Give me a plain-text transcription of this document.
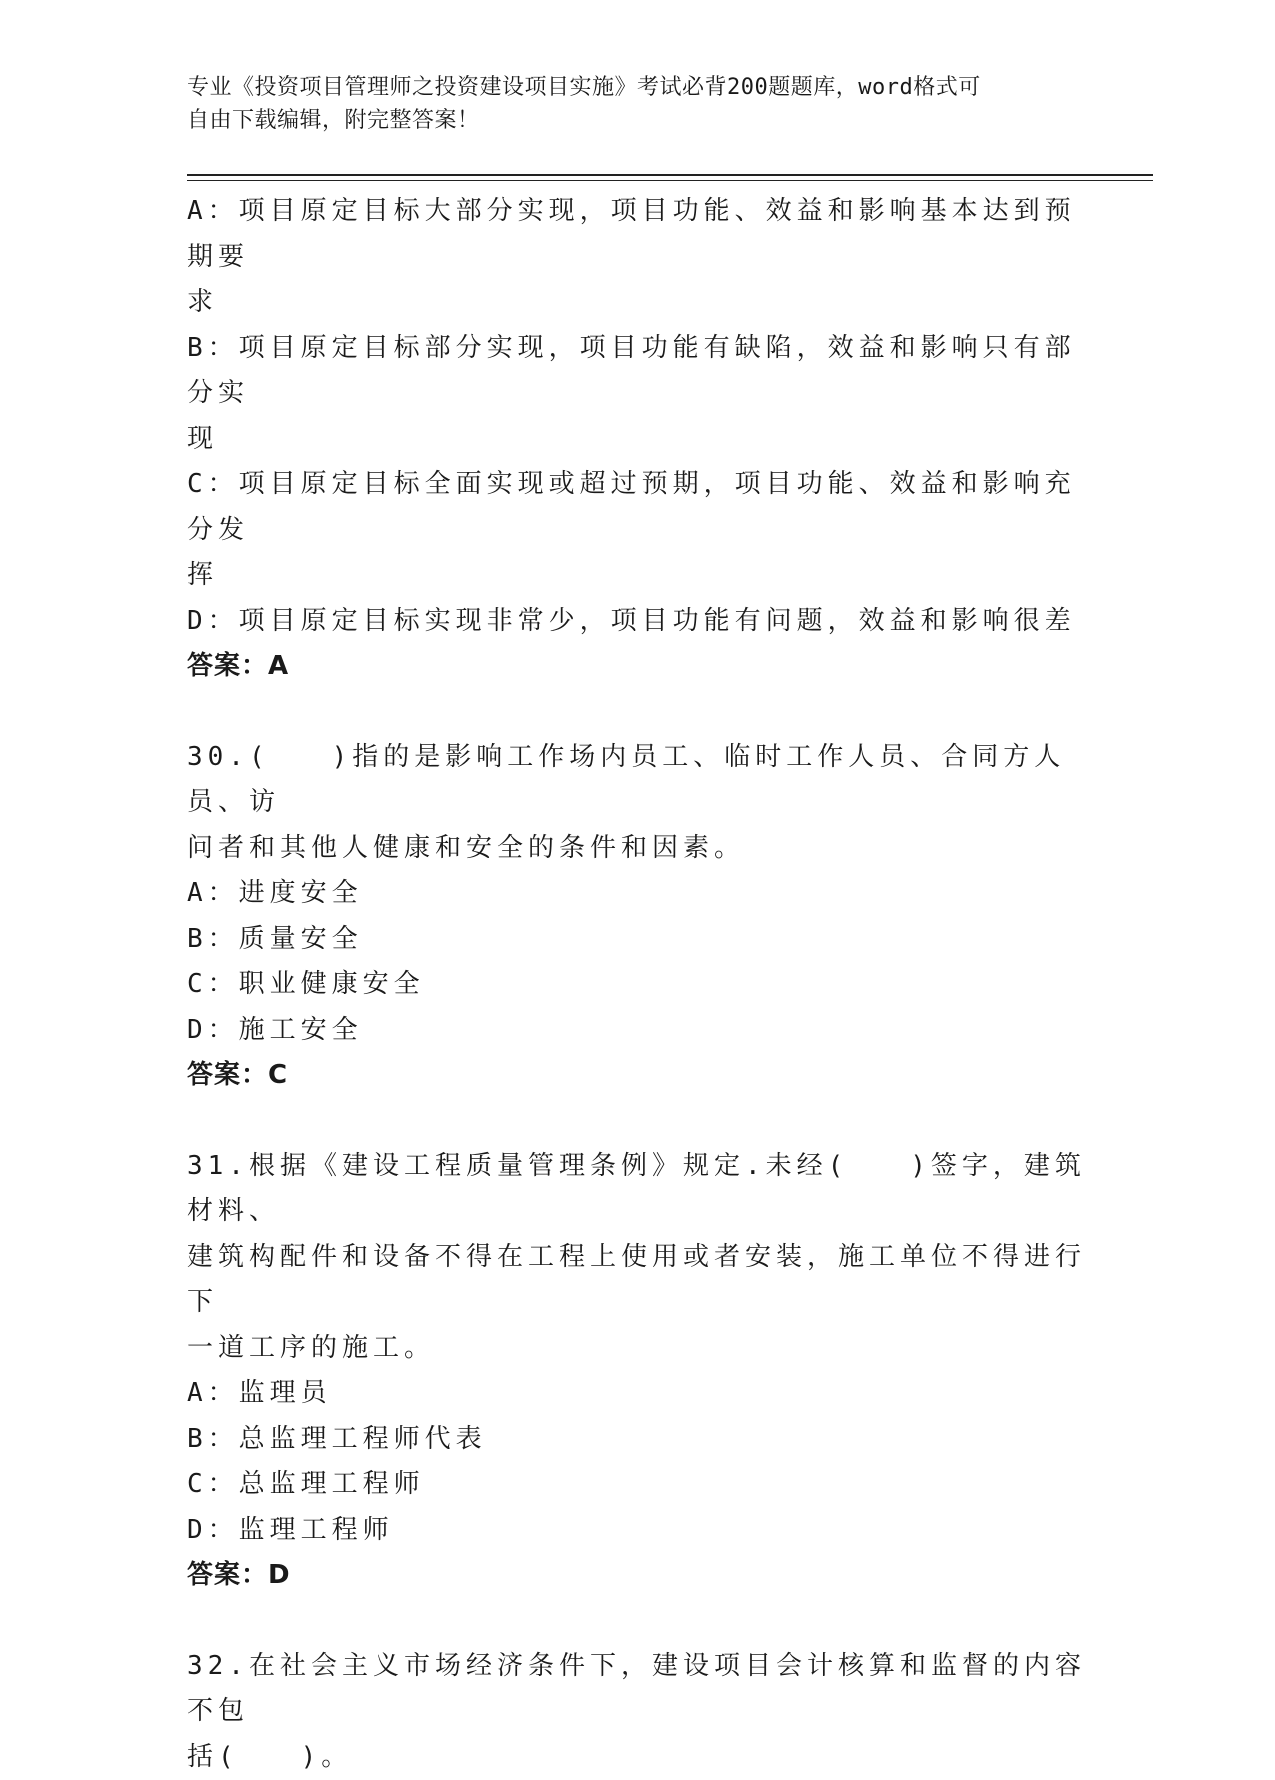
专业《投资项目管理师之投资建设项目实施》考试必背200题题库，word格式可
自由下载编辑，附完整答案！
A：项目原定目标大部分实现，项目功能、效益和影响基本达到预期要
求
B：项目原定目标部分实现，项目功能有缺陷，效益和影响只有部分实
现
C：项目原定目标全面实现或超过预期，项目功能、效益和影响充分发
挥
D：项目原定目标实现非常少，项目功能有问题，效益和影响很差
答案：A
30.(　　)指的是影响工作场内员工、临时工作人员、合同方人员、访
问者和其他人健康和安全的条件和因素。
A：进度安全
B：质量安全
C：职业健康安全
D：施工安全
答案：C
31.根据《建设工程质量管理条例》规定.未经(　　)签字，建筑材料、
建筑构配件和设备不得在工程上使用或者安装，施工单位不得进行下
一道工序的施工。
A：监理员
B：总监理工程师代表
C：总监理工程师
D：监理工程师
答案：D
32.在社会主义市场经济条件下，建设项目会计核算和监督的内容不包
括(　　)。
